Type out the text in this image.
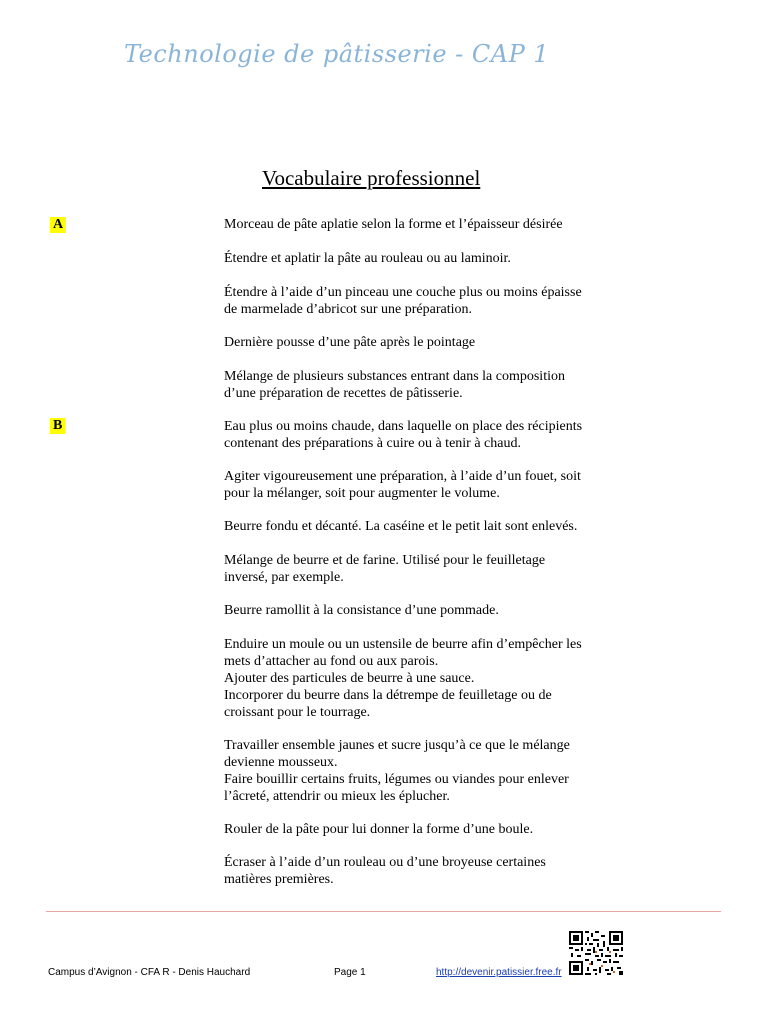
Technologie de pâtisserie - CAP 1
Vocabulaire professionnel
A
B
Morceau de pâte aplatie selon la forme et l’épaisseur désirée
Étendre et aplatir la pâte au rouleau ou au laminoir.
Étendre à l’aide d’un pinceau une couche plus ou moins épaisse
de marmelade d’abricot sur une préparation.
Dernière pousse d’une pâte après le pointage
Mélange de plusieurs substances entrant dans la composition
d’une préparation de recettes de pâtisserie.
Eau plus ou moins chaude, dans laquelle on place des récipients
contenant des préparations à cuire ou à tenir à chaud.
Agiter vigoureusement une préparation, à l’aide d’un fouet, soit
pour la mélanger, soit pour augmenter le volume.
Beurre fondu et décanté. La caséine et le petit lait sont enlevés.
Mélange de beurre et de farine. Utilisé pour le feuilletage
inversé, par exemple.
Beurre ramollit à la consistance d’une pommade.
Enduire un moule ou un ustensile de beurre afin d’empêcher les
mets d’attacher au fond ou aux parois.
Ajouter des particules de beurre à une sauce.
Incorporer du beurre dans la détrempe de feuilletage ou de
croissant pour le tourrage.
Travailler ensemble jaunes et sucre jusqu’à ce que le mélange
devienne mousseux.
Faire bouillir certains fruits, légumes ou viandes pour enlever
l’âcreté, attendrir ou mieux les éplucher.
Rouler de la pâte pour lui donner la forme d’une boule.
Écraser à l’aide d’un rouleau ou d’une broyeuse certaines
matières premières.
Campus d’Avignon - CFA R - Denis Hauchard	Page 1	http://devenir.patissier.free.fr
